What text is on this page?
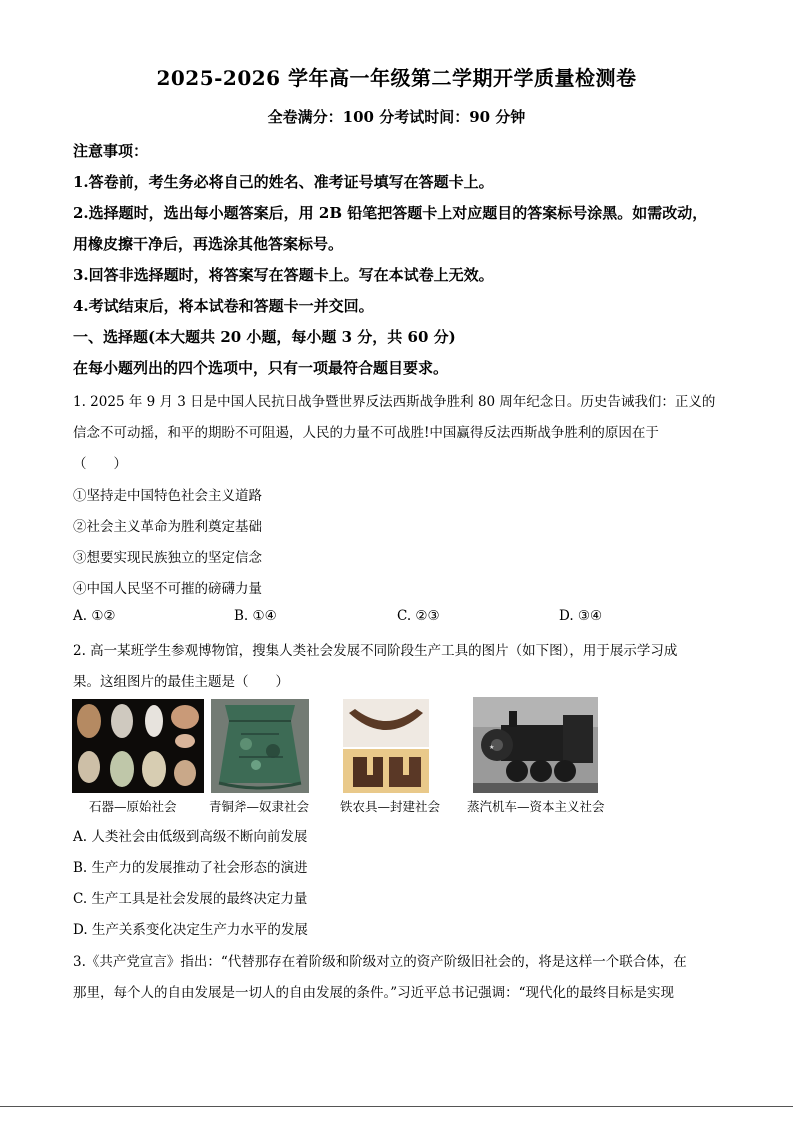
2025-2026 学年高一年级第二学期开学质量检测卷
全卷满分：100 分考试时间：90 分钟
注意事项：
1.答卷前，考生务必将自己的姓名、准考证号填写在答题卡上。
2.选择题时，选出每小题答案后，用 2B 铅笔把答题卡上对应题目的答案标号涂黑。如需改动，
用橡皮擦干净后，再选涂其他答案标号。
3.回答非选择题时，将答案写在答题卡上。写在本试卷上无效。
4.考试结束后，将本试卷和答题卡一并交回。
一、选择题(本大题共 20 小题，每小题 3 分，共 60 分)
在每小题列出的四个选项中，只有一项最符合题目要求。
1. 2025 年 9 月 3 日是中国人民抗日战争暨世界反法西斯战争胜利 80 周年纪念日。历史告诫我们：正义的
信念不可动摇，和平的期盼不可阻遏，人民的力量不可战胜!中国赢得反法西斯战争胜利的原因在于
（　　）
①坚持走中国特色社会主义道路
②社会主义革命为胜利奠定基础
③想要实现民族独立的坚定信念
④中国人民坚不可摧的磅礴力量
A. ①②	B. ①④	C. ②③	D. ③④
2. 高一某班学生参观博物馆，搜集人类社会发展不同阶段生产工具的图片（如下图），用于展示学习成
果。这组图片的最佳主题是（　　）
★
石器—原始社会	青铜斧—奴隶社会 铁农具—封建社会 蒸汽机车—资本主义社会
A. 人类社会由低级到高级不断向前发展
B. 生产力的发展推动了社会形态的演进
C. 生产工具是社会发展的最终决定力量
D. 生产关系变化决定生产力水平的发展
3.《共产党宣言》指出：“代替那存在着阶级和阶级对立的资产阶级旧社会的，将是这样一个联合体，在
那里，每个人的自由发展是一切人的自由发展的条件。”习近平总书记强调：“现代化的最终目标是实现
